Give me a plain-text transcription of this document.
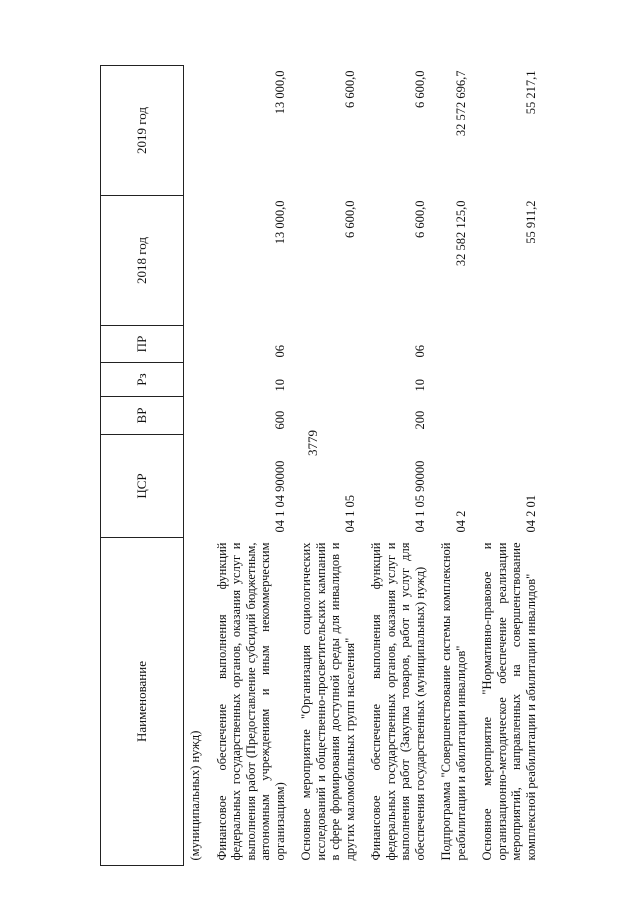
3779
Наименование	ЦСР	ВР	Рз	ПР	2018 год	2019 год
(муниципальных) нужд)						

Финансовое обеспечение выполнения функций федеральных государственных органов, оказания услуг и выполнения работ (Предоставление субсидий бюджетным, автономным учреждениям и иным некоммерческим организациям)	04 1 04 90000	600	10	06	13 000,0	13 000,0

Основное мероприятие "Организация социологических исследований и общественно-просветительских кампаний в сфере формирования доступной среды для инвалидов и других маломобильных групп населения"	04 1 05				6 600,0	6 600,0

Финансовое обеспечение выполнения функций федеральных государственных органов, оказания услуг и выполнения работ (Закупка товаров, работ и услуг для обеспечения государственных (муниципальных) нужд)	04 1 05 90000	200	10	06	6 600,0	6 600,0

Подпрограмма "Совершенствование системы комплексной реабилитации и абилитации инвалидов"	04 2				32 582 125,0	32 572 696,7

Основное мероприятие "Нормативно-правовое и организационно-методическое обеспечение реализации мероприятий, направленных на совершенствование комплексной реабилитации и абилитации инвалидов"	04 2 01				55 911,2	55 217,1
